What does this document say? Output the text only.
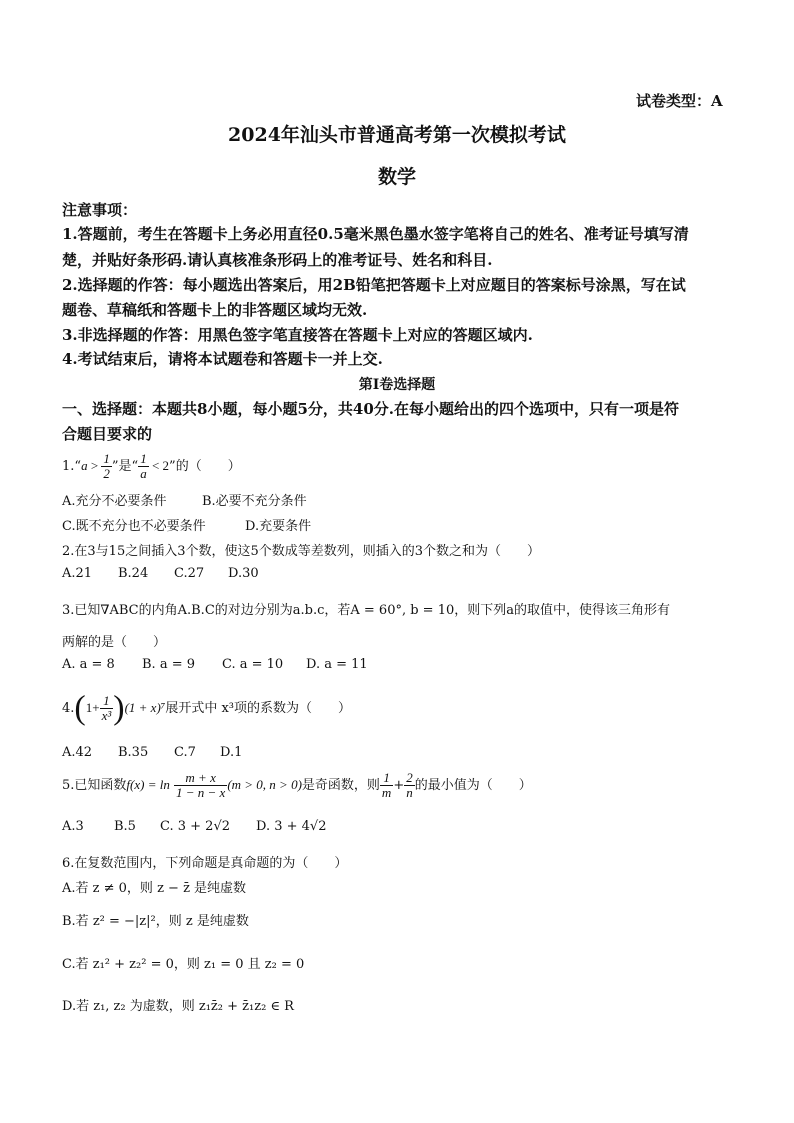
试卷类型：A
2024年汕头市普通高考第一次模拟考试
数学
注意事项：
1.答题前，考生在答题卡上务必用直径0.5毫米黑色墨水签字笔将自己的姓名、准考证号填写清
楚，并贴好条形码.请认真核准条形码上的准考证号、姓名和科目.
2.选择题的作答：每小题选出答案后，用2B铅笔把答题卡上对应题目的答案标号涂黑，写在试
题卷、草稿纸和答题卡上的非答题区域均无效.
3.非选择题的作答：用黑色签字笔直接答在答题卡上对应的答题区域内.
4.考试结束后，请将本试题卷和答题卡一并上交.
第Ⅰ卷选择题
一、选择题：本题共8小题，每小题5分，共40分.在每小题给出的四个选项中，只有一项是符
合题目要求的
1.“a > $\frac{1}{2}$ ”是“ $\frac{1}{a} < 2$”的（　　）
A.充分不必要条件	B.必要不充分条件
C.既不充分也不必要条件	D.充要条件
2.在3与15之间插入3个数，使这5个数成等差数列，则插入的3个数之和为（　　）
A.21 B.24 C.27 D.30
3.已知∇ABC的内角A.B.C的对边分别为a.b.c，若A = 60°, b = 10，则下列a的取值中，使得该三角形有
两解的是（　　）
A. a = 8 B. a = 9 C. a = 10 D. a = 11
$4.(1+ \frac{1}{\text{x³}} )(1 + x)^7$展开式中 x³项的系数为（　　）
A.42 B.35 C.7 D.1
5.已知函数$f(x) = \ln \frac{m + x}{1 - n - x} (m > 0$, n > 0)是奇函数，则 $\frac{1}{m} + \frac{2}{n}$ 的最小值为（　　）
A.3 B.5 C. 3 + 2√2 D. 3 + 4√2
6.在复数范围内，下列命题是真命题的为（　　）
A.若 z ≠ 0，则 z − z̄ 是纯虚数
B.若 z² = −|z|²，则 z 是纯虚数
C.若 z₁² + z₂² = 0，则 z₁ = 0 且 z₂ = 0
D.若 z₁, z₂ 为虚数，则 z₁z̄₂ + z̄₁z₂ ∈ R
